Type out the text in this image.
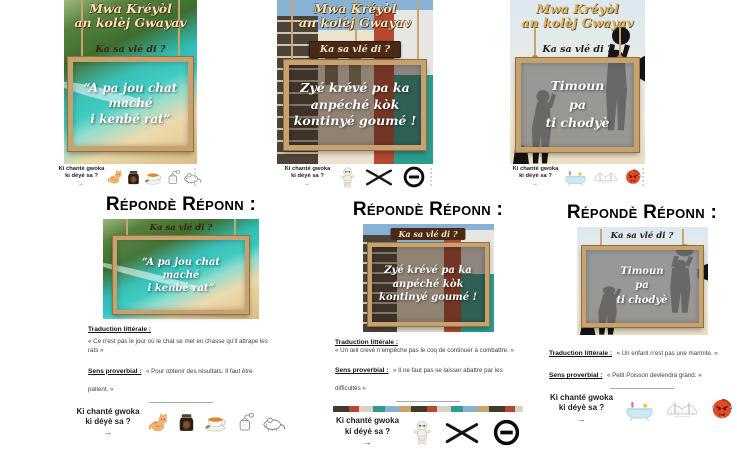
Mwa Kréyòl
an kolèj Gwayav
Ka sa vlé di ?
“A pa jou chat
maché
i kenbé rat”
Ki chanté gwoka
ki déyè sa ?
→
Mwa Kréyòl
an kolèj Gwayav
Ka sa vlé di ?
Zyé krévé pa ka
anpéché kòk
kontinyé goumé !
Ki chanté gwoka
ki déyè sa ?
→
Mwa Kréyòl
an kolèj Gwayav
Ka sa vlé di ?
Timoun
pa
ti chodyè
Ki chanté gwoka
ki déyè sa ?
→
Répondè Réponn :
Ka sa vlé di ?
“A pa jou chat
maché
i kenbé rat”
Traduction littérale :
« Ce n'est pas le jour où le chat se met en chasse qu'il attrape les rats »
Sens proverbial : « Pour obtenir des résultats. Il faut être patient. »
Ki chanté gwoka
ki déyè sa ?
→
Répondè Réponn :
Ka sa vlé di ?
Zyé krévé pa ka
anpéché kòk
kontinyé goumé !
Traduction littérale :
« Un œil crevé n'empêche pas le coq de continuer à combattre. »
Sens proverbial : « Il ne faut pas se laisser abattre par les difficultés »
Ki chanté gwoka
ki déyè sa ?
→
Répondè Réponn :
Ka sa vlé di ?
Timoun
pa
ti chodyè
Traduction littérale : « Un enfant n'est pas une marmite. »
Sens proverbial : « Petit Poisson deviendra grand. »
Ki chanté gwoka
ki déyè sa ?
→
